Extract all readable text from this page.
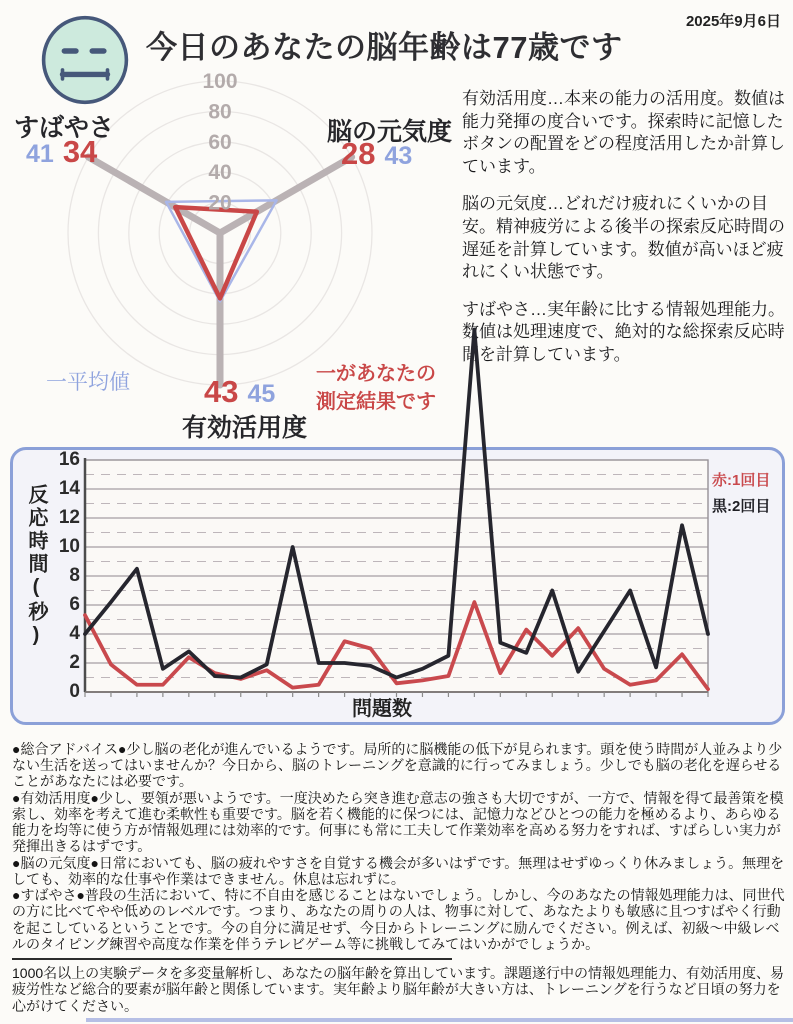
2025年9月6日
今日のあなたの脳年齢は77歳です
20
40
60
80
100
すばやさ
41 34
脳の元気度
28 43
43 45
有効活用度
一平均値	一があなたの
測定結果です

有効活用度…本来の能力の活用度。数値は能力発揮の度合いです。探索時に記憶したボタンの配置をどの程度活用したか計算しています。

脳の元気度…どれだけ疲れにくいかの目安。精神疲労による後半の探索反応時間の遅延を計算しています。数値が高いほど疲れにくい状態です。

すばやさ…実年齢に比する情報処理能力。数値は処理速度で、絶対的な総探索反応時間を計算しています。

反応時間(秒)
0
2
4
6
8
10
12
14
16
問題数
赤:1回目
黒:2回目

●総合アドバイス●少し脳の老化が進んでいるようです。局所的に脳機能の低下が見られます。頭を使う時間が人並みより少ない生活を送ってはいませんか？今日から、脳のトレーニングを意識的に行ってみましょう。少しでも脳の老化を遅らせることがあなたには必要です。

●有効活用度●少し、要領が悪いようです。一度決めたら突き進む意志の強さも大切ですが、一方で、情報を得て最善策を模索し、効率を考えて進む柔軟性も重要です。脳を若く機能的に保つには、記憶力などひとつの能力を極めるより、あらゆる能力を均等に使う方が情報処理には効率的です。何事にも常に工夫して作業効率を高める努力をすれば、すばらしい実力が発揮出きるはずです。

●脳の元気度●日常においても、脳の疲れやすさを自覚する機会が多いはずです。無理はせずゆっくり休みましょう。無理をしても、効率的な仕事や作業はできません。休息は忘れずに。

●すばやさ●普段の生活において、特に不自由を感じることはないでしょう。しかし、今のあなたの情報処理能力は、同世代の方に比べてやや低めのレベルです。つまり、あなたの周りの人は、物事に対して、あなたよりも敏感に且つすばやく行動を起こしているということです。今の自分に満足せず、今日からトレーニングに励んでください。例えば、初級～中級レベルのタイピング練習や高度な作業を伴うテレビゲーム等に挑戦してみてはいかがでしょうか。

1000名以上の実験データを多変量解析し、あなたの脳年齢を算出しています。課題遂行中の情報処理能力、有効活用度、易疲労性など総合的要素が脳年齢と関係しています。実年齢より脳年齢が大きい方は、トレーニングを行うなど日頃の努力を心がけてください。
